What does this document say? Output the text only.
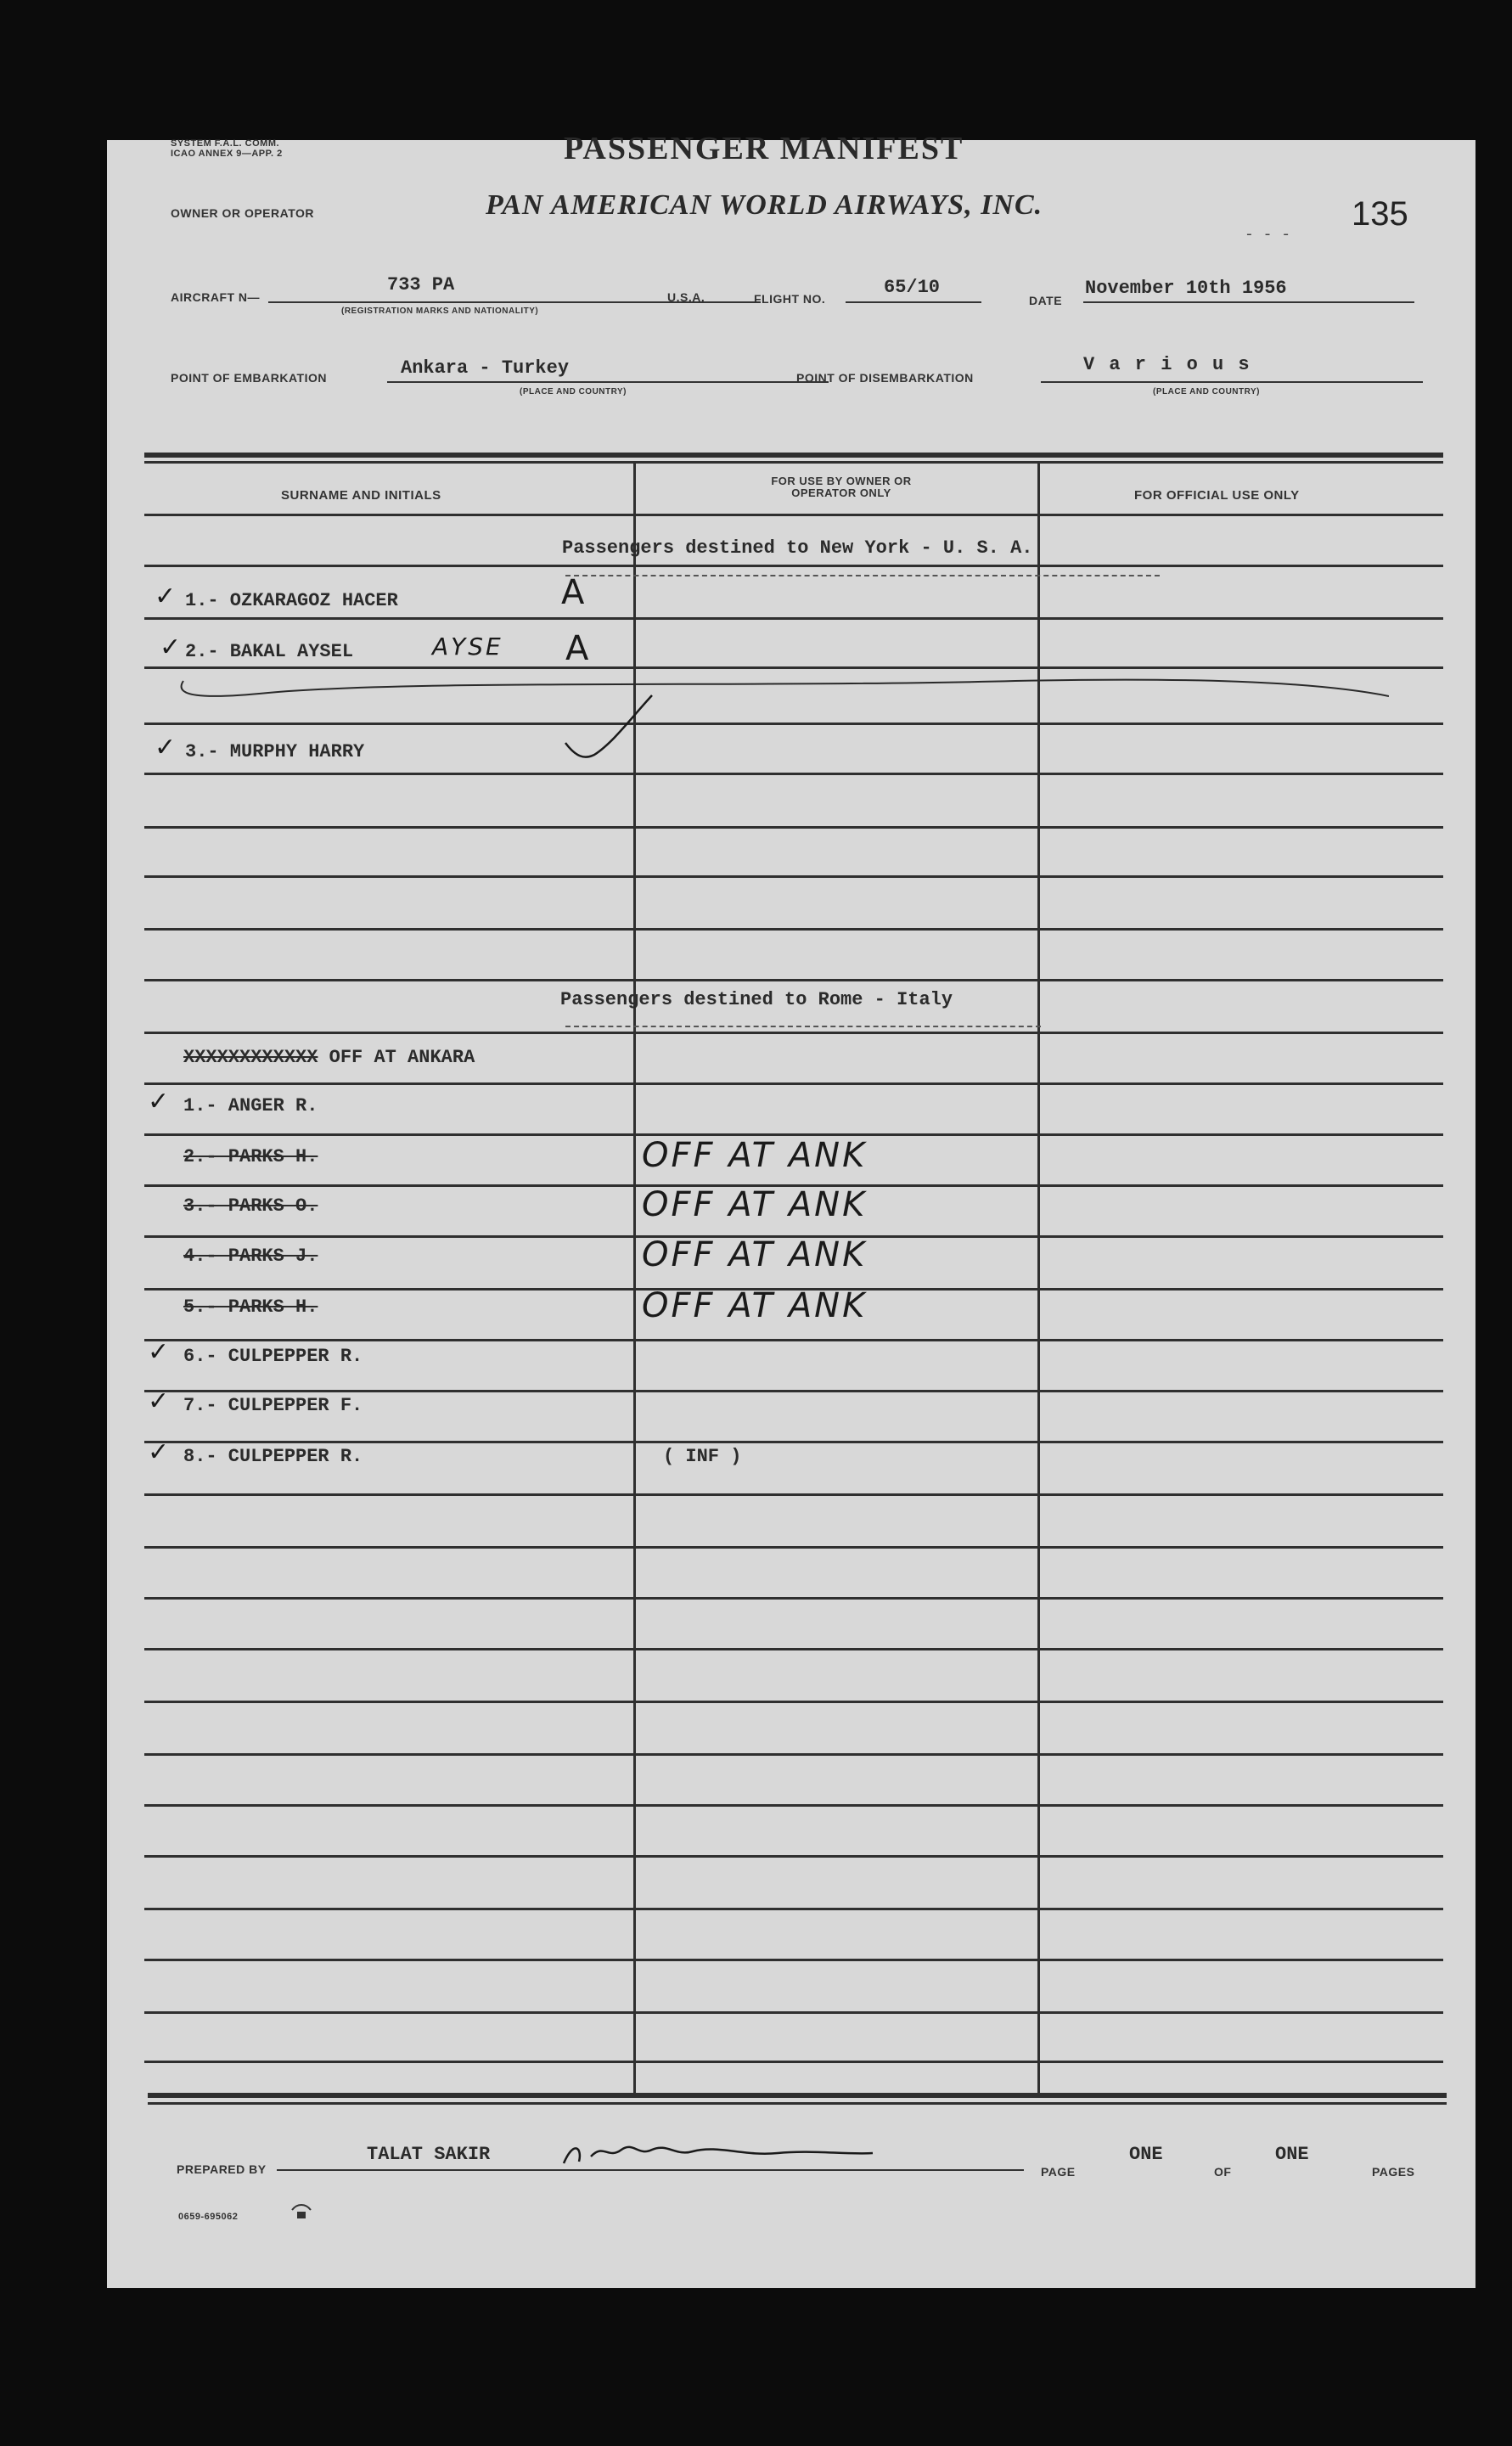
SYSTEM F.A.L. COMM.
ICAO ANNEX 9—APP. 2	PASSENGER MANIFEST
OWNER OR OPERATOR	PAN AMERICAN WORLD AIRWAYS, INC.
- - -
135
AIRCRAFT N—
733 PA
(REGISTRATION MARKS AND NATIONALITY)
U.S.A.	FLIGHT NO.
65/10
DATE
November 10th 1956
POINT OF EMBARKATION	Ankara - Turkey
(PLACE AND COUNTRY)
POINT OF DISEMBARKATION
V a r i o u s
(PLACE AND COUNTRY)
SURNAME AND INITIALS
FOR USE BY OWNER OR OPERATOR ONLY	FOR OFFICIAL USE ONLY
Passengers destined to New York - U. S. A.
✓ 1.- OZKARAGOZ HACER	A
✓ 2.- BAKAL AYSEL	AYSE A
✓ 3.- MURPHY HARRY
Passengers destined to Rome - Italy
XXXXXXXXXXXX OFF AT ANKARA
✓ 1.- ANGER R.
2.- PARKS H.	OFF AT ANK
3.- PARKS O.	OFF AT ANK
4.- PARKS J.	OFF AT ANK
5.- PARKS H.	OFF AT ANK
✓ 6.- CULPEPPER R.
✓ 7.- CULPEPPER F.
✓ 8.- CULPEPPER R.	( INF )
PREPARED BY
TALAT SAKIR
PAGE
ONE
OF
ONE
PAGES
0659-695062
